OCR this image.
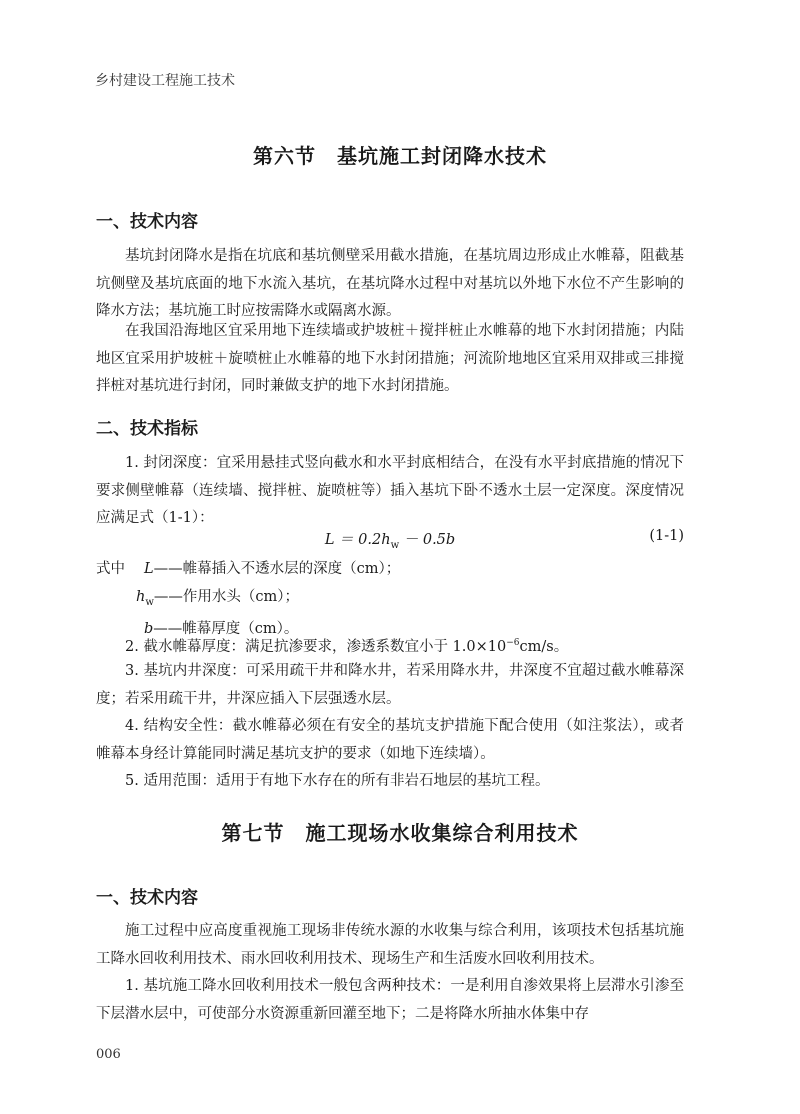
乡村建设工程施工技术
第六节　基坑施工封闭降水技术
一、技术内容

基坑封闭降水是指在坑底和基坑侧壁采用截水措施，在基坑周边形成止水帷幕，阻截基坑侧壁及基坑底面的地下水流入基坑，在基坑降水过程中对基坑以外地下水位不产生影响的降水方法；基坑施工时应按需降水或隔离水源。

在我国沿海地区宜采用地下连续墙或护坡桩＋搅拌桩止水帷幕的地下水封闭措施；内陆地区宜采用护坡桩＋旋喷桩止水帷幕的地下水封闭措施；河流阶地地区宜采用双排或三排搅拌桩对基坑进行封闭，同时兼做支护的地下水封闭措施。

二、技术指标

1. 封闭深度：宜采用悬挂式竖向截水和水平封底相结合，在没有水平封底措施的情况下要求侧壁帷幕（连续墙、搅拌桩、旋喷桩等）插入基坑下卧不透水土层一定深度。深度情况应满足式（1-1）：

$L = 0.2h_w - 0.5b$	(1-1)
式中 L——帷幕插入不透水层的深度（cm）；
$h_w——$作用水头（cm）；
b——帷幕厚度（cm）。

2. 截水帷幕厚度：满足抗渗要求，渗透系数宜小于 $1.0\times 10^{-6}cm/s$。

3. 基坑内井深度：可采用疏干井和降水井，若采用降水井，井深度不宜超过截水帷幕深度；若采用疏干井，井深应插入下层强透水层。

4. 结构安全性：截水帷幕必须在有安全的基坑支护措施下配合使用（如注浆法），或者帷幕本身经计算能同时满足基坑支护的要求（如地下连续墙）。

5. 适用范围：适用于有地下水存在的所有非岩石地层的基坑工程。

第七节　施工现场水收集综合利用技术
一、技术内容

施工过程中应高度重视施工现场非传统水源的水收集与综合利用，该项技术包括基坑施工降水回收利用技术、雨水回收利用技术、现场生产和生活废水回收利用技术。

1. 基坑施工降水回收利用技术一般包含两种技术：一是利用自渗效果将上层滞水引渗至下层潜水层中，可使部分水资源重新回灌至地下；二是将降水所抽水体集中存

006
